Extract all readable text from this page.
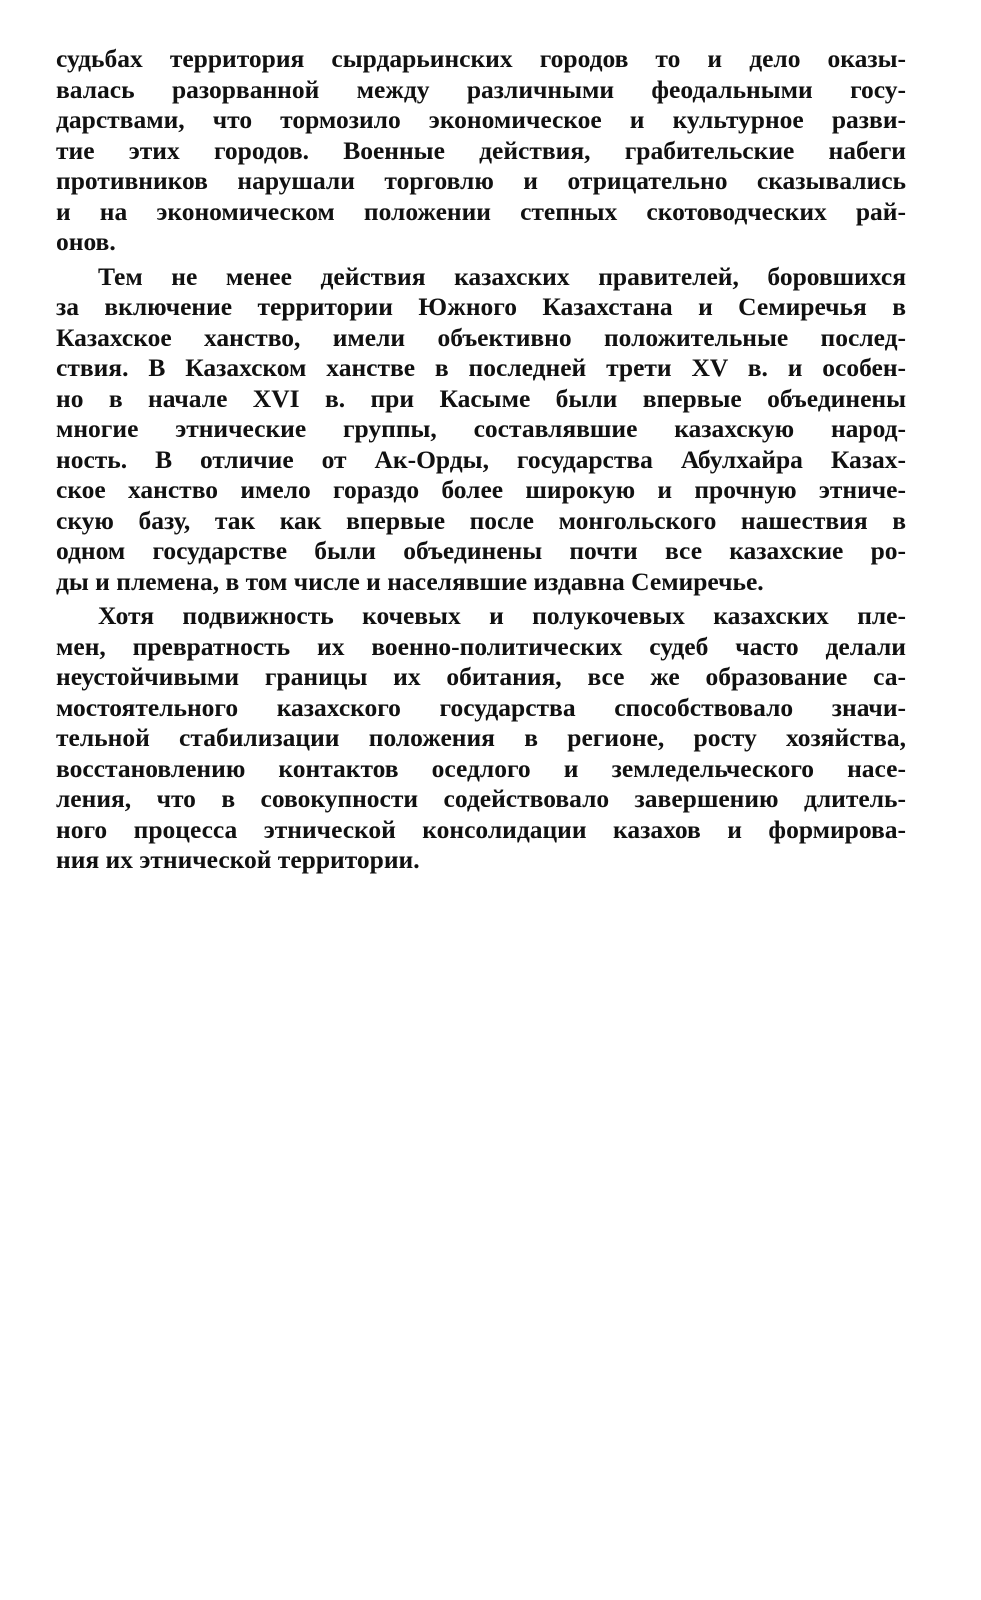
судьбах территория сырдарьинских городов то и дело оказы-
валась разорванной между различными феодальными госу-
дарствами, что тормозило экономическое и культурное разви-
тие этих городов. Военные действия, грабительские набеги
противников нарушали торговлю и отрицательно сказывались
и на экономическом положении степных скотоводческих рай-
онов.
Тем не менее действия казахских правителей, боровшихся
за включение территории Южного Казахстана и Семиречья в
Казахское ханство, имели объективно положительные послед-
ствия. В Казахском ханстве в последней трети XV в. и особен-
но в начале XVI в. при Касыме были впервые объединены
многие этнические группы, составлявшие казахскую народ-
ность. В отличие от Ак-Орды, государства Абулхайра Казах-
ское ханство имело гораздо более широкую и прочную этниче-
скую базу, так как впервые после монгольского нашествия в
одном государстве были объединены почти все казахские ро-
ды и племена, в том числе и населявшие издавна Семиречье.
Хотя подвижность кочевых и полукочевых казахских пле-
мен, превратность их военно-политических судеб часто делали
неустойчивыми границы их обитания, все же образование са-
мостоятельного казахского государства способствовало значи-
тельной стабилизации положения в регионе, росту хозяйства,
восстановлению контактов оседлого и земледельческого насе-
ления, что в совокупности содействовало завершению длитель-
ного процесса этнической консолидации казахов и формирова-
ния их этнической территории.
